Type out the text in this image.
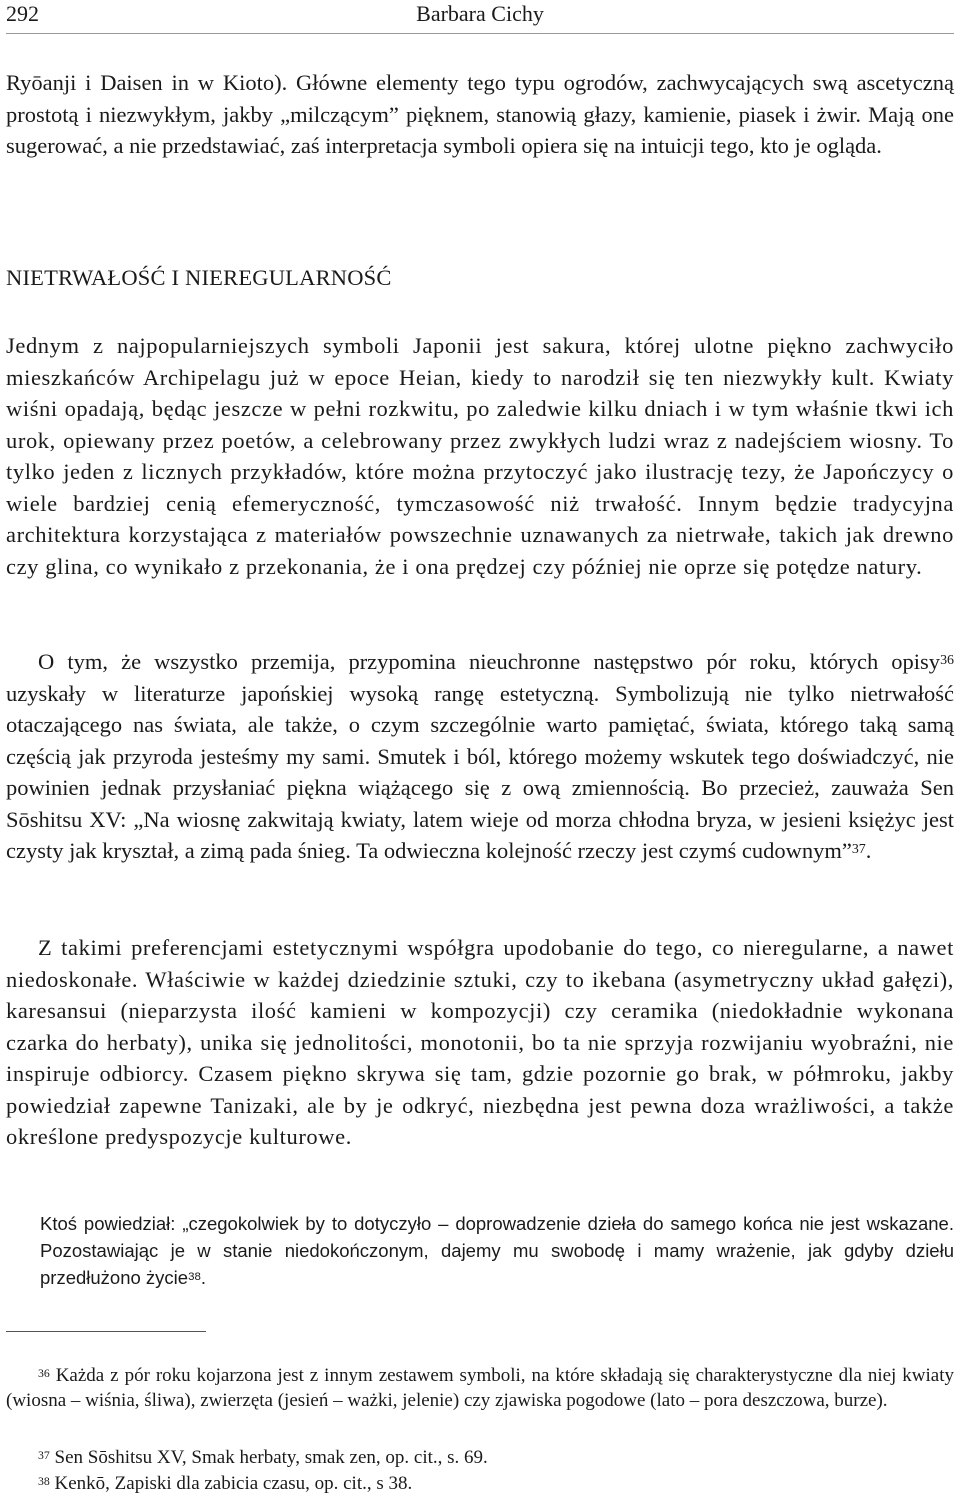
292	Barbara Cichy

Ryōanji i Daisen in w Kioto). Główne elementy tego typu ogrodów, zachwycających swą ascetyczną prostotą i niezwykłym, jakby „milczącym” pięknem, stanowią głazy, kamienie, piasek i żwir. Mają one sugerować, a nie przedstawiać, zaś interpretacja symboli opiera się na intuicji tego, kto je ogląda.

NIETRWAŁOŚĆ I NIEREGULARNOŚĆ

Jednym z najpopularniejszych symboli Japonii jest sakura, której ulotne piękno zachwyciło mieszkańców Archipelagu już w epoce Heian, kiedy to narodził się ten niezwykły kult. Kwiaty wiśni opadają, będąc jeszcze w pełni rozkwitu, po zaledwie kilku dniach i w tym właśnie tkwi ich urok, opiewany przez poetów, a celebrowany przez zwykłych ludzi wraz z nadejściem wiosny. To tylko jeden z licznych przykładów, które można przytoczyć jako ilustrację tezy, że Japończycy o wiele bardziej cenią efemeryczność, tymczasowość niż trwałość. Innym będzie tradycyjna architektura korzystająca z materiałów powszechnie uznawanych za nietrwałe, takich jak drewno czy glina, co wynikało z przekonania, że i ona prędzej czy później nie oprze się potędze natury.

O tym, że wszystko przemija, przypomina nieuchronne następstwo pór roku, których opisy$^{36}$ uzyskały w literaturze japońskiej wysoką rangę estetyczną. Symbolizują nie tylko nietrwałość otaczającego nas świata, ale także, o czym szczególnie warto pamiętać, świata, którego taką samą częścią jak przyroda jesteśmy my sami. Smutek i ból, którego możemy wskutek tego doświadczyć, nie powinien jednak przysłaniać piękna wiążącego się z ową zmiennością. Bo przecież, zauważa Sen Sōshitsu XV: „Na wiosnę zakwitają kwiaty, latem wieje od morza chłodna bryza, w jesieni księżyc jest czysty jak kryształ, a zimą pada śnieg. Ta odwieczna kolejność rzeczy jest czymś cudownym”$^{37}$.

Z takimi preferencjami estetycznymi współgra upodobanie do tego, co nieregularne, a nawet niedoskonałe. Właściwie w każdej dziedzinie sztuki, czy to ikebana (asymetryczny układ gałęzi), karesansui (nieparzysta ilość kamieni w kompozycji) czy ceramika (niedokładnie wykonana czarka do herbaty), unika się jednolitości, monotonii, bo ta nie sprzyja rozwijaniu wyobraźni, nie inspiruje odbiorcy. Czasem piękno skrywa się tam, gdzie pozornie go brak, w półmroku, jakby powiedział zapewne Tanizaki, ale by je odkryć, niezbędna jest pewna doza wrażliwości, a także określone predyspozycje kulturowe.

Ktoś powiedział: „czegokolwiek by to dotyczyło – doprowadzenie dzieła do samego końca nie jest wskazane. Pozostawiając je w stanie niedokończonym, dajemy mu swobodę i mamy wrażenie, jak gdyby dziełu przedłużono życie$^{38}$.

$^{36}$ Każda z pór roku kojarzona jest z innym zestawem symboli, na które składają się charakterystyczne dla niej kwiaty (wiosna – wiśnia, śliwa), zwierzęta (jesień – ważki, jelenie) czy zjawiska pogodowe (lato – pora deszczowa, burze).

$^{37}$ Sen Sōshitsu XV, Smak herbaty, smak zen, op. cit., s. 69.

$^{38}$ Kenkō, Zapiski dla zabicia czasu, op. cit., s 38.
